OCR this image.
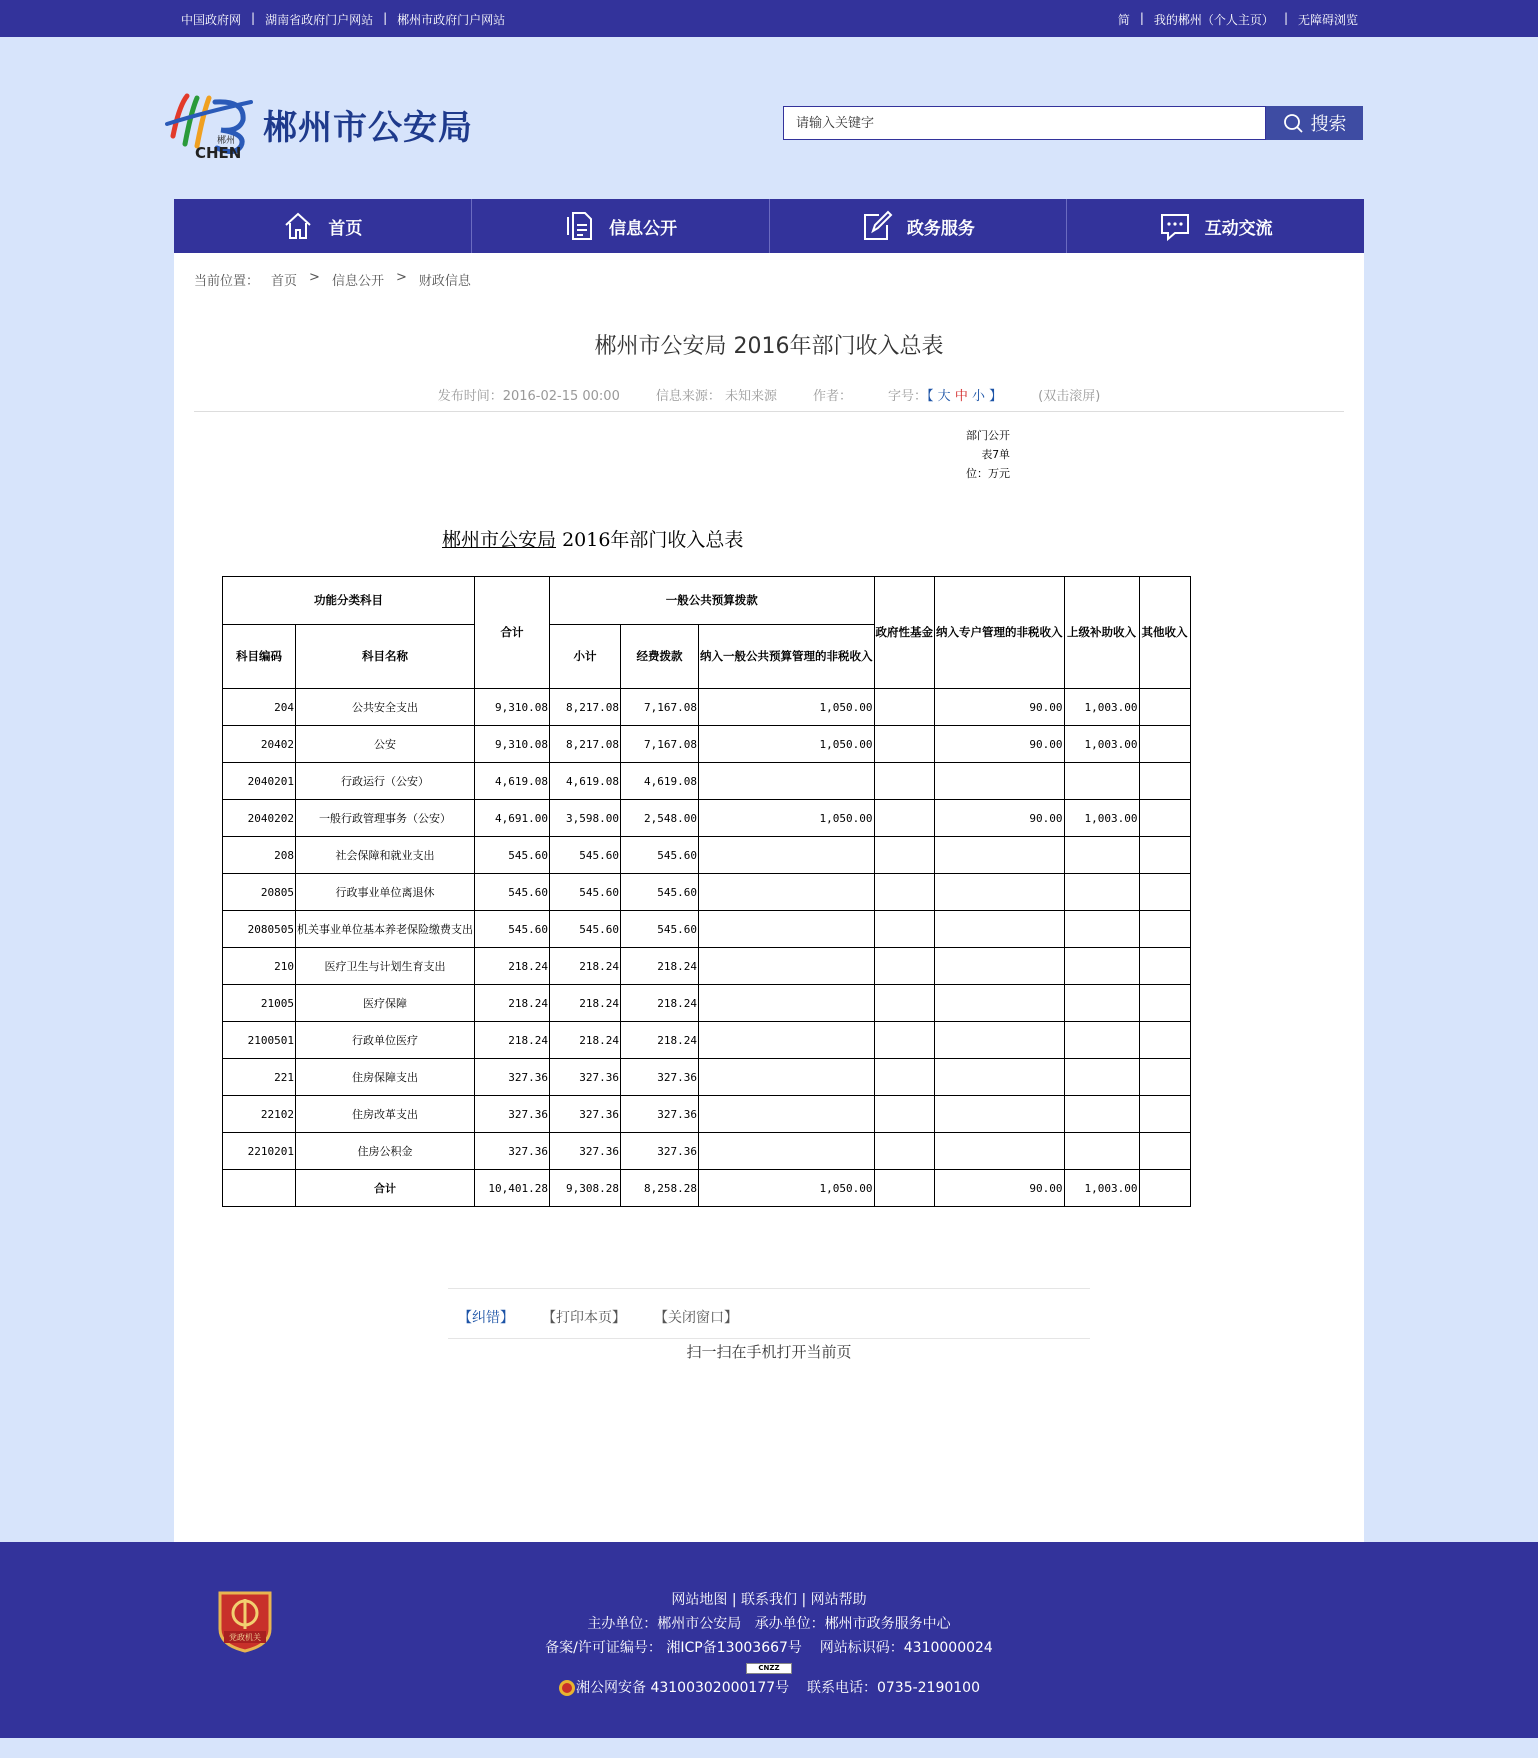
中国政府网 | 湖南省政府门户网站 | 郴州市政府门户网站	简 | 我的郴州（个人主页） | 无障碍浏览
郴州
CHEN
郴州市公安局
请输入关键字	搜索
首页	信息公开	政务服务	互动交流
当前位置： 首页 > 信息公开 > 财政信息
郴州市公安局 2016年部门收入总表
发布时间：2016-02-15 00:00	信息来源： 未知来源	作者：	字号：【 大 中 小 】	(双击滚屏)
部门公开表7单位：万元
郴州市公安局 2016年部门收入总表
功能分类科目		合计	一般公共预算拨款			政府性基金	纳入专户管理的非税收入	上级补助收入	其他收入
科目编码	科目名称		小计	经费拨款	纳入一般公共预算管理的非税收入				
204	公共安全支出	9,310.08	8,217.08	7,167.08	1,050.00		90.00	1,003.00	
20402	公安	9,310.08	8,217.08	7,167.08	1,050.00		90.00	1,003.00	
2040201	行政运行（公安）	4,619.08	4,619.08	4,619.08					
2040202	一般行政管理事务（公安）	4,691.00	3,598.00	2,548.00	1,050.00		90.00	1,003.00	
208	社会保障和就业支出	545.60	545.60	545.60					
20805	行政事业单位离退休	545.60	545.60	545.60					
2080505	机关事业单位基本养老保险缴费支出	545.60	545.60	545.60					
210	医疗卫生与计划生育支出	218.24	218.24	218.24					
21005	医疗保障	218.24	218.24	218.24					
2100501	行政单位医疗	218.24	218.24	218.24					
221	住房保障支出	327.36	327.36	327.36					
22102	住房改革支出	327.36	327.36	327.36					
2210201	住房公积金	327.36	327.36	327.36					
	合计	10,401.28	9,308.28	8,258.28	1,050.00		90.00	1,003.00	
【纠错】 【打印本页】 【关闭窗口】
扫一扫在手机打开当前页
党政机关
网站地图 | 联系我们 | 网站帮助
主办单位：郴州市公安局 承办单位：郴州市政务服务中心
备案/许可证编号： 湘ICP备13003667号 网站标识码：4310000024
CNZZ
湘公网安备 43100302000177号 联系电话：0735-2190100
